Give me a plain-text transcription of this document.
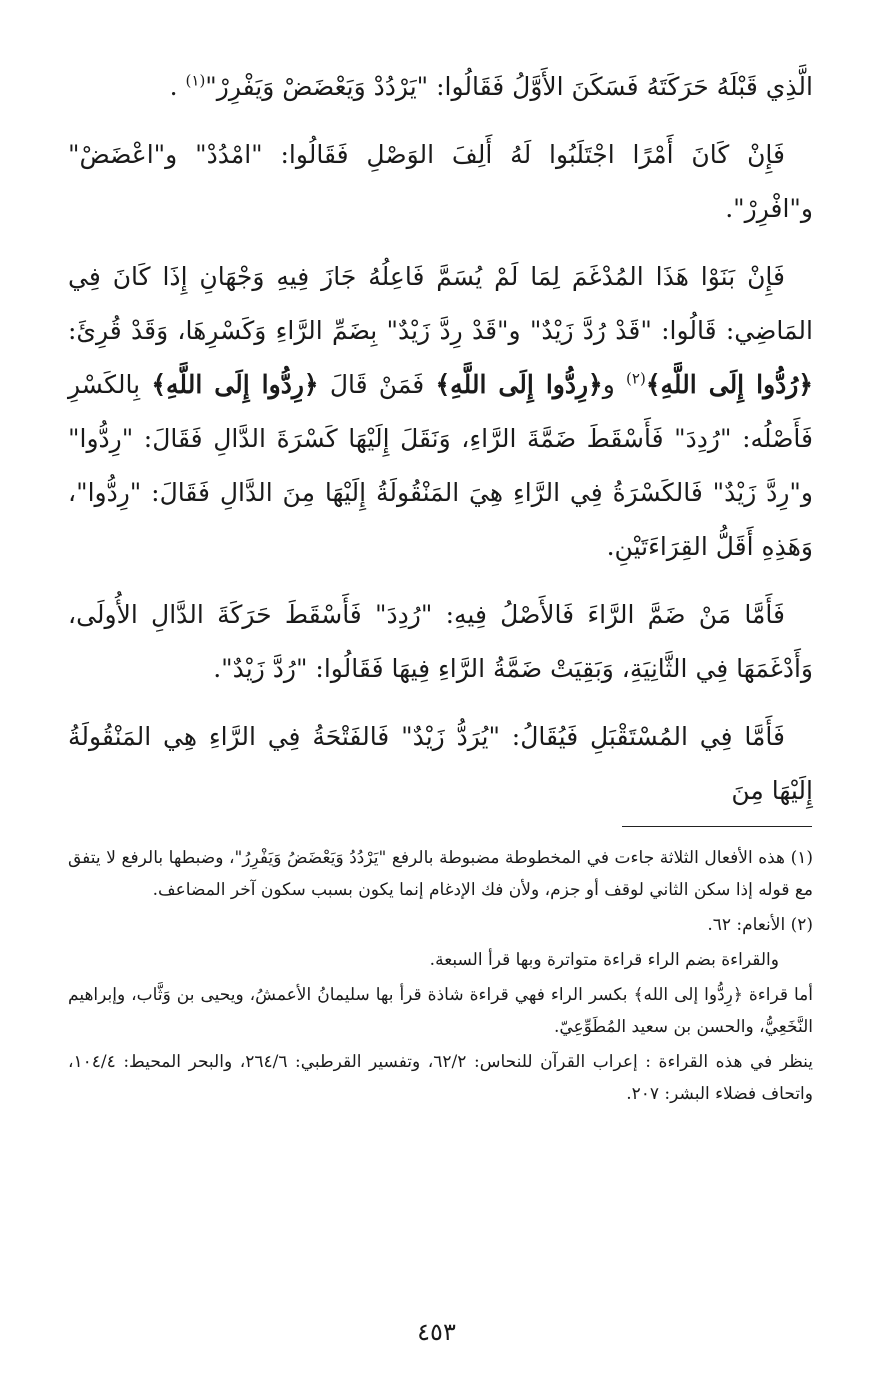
الَّذِي قَبْلَهُ حَرَكَتَهُ فَسَكَنَ الأَوَّلُ فَقَالُوا: "يَرْدُدْ وَيَعْضَضْ وَيَفْرِرْ"$^{(١)}$ .

فَإِنْ كَانَ أَمْرًا اجْتَلَبُوا لَهُ أَلِفَ الوَصْلِ فَقَالُوا: "امْدُدْ" و"اعْضَضْ" و"افْرِرْ".

فَإِنْ بَنَوْا هَذَا المُدْغَمَ لِمَا لَمْ يُسَمَّ فَاعِلُهُ جَازَ فِيهِ وَجْهَانِ إِذَا كَانَ فِي المَاضِي: قَالُوا: "قَدْ رُدَّ زَيْدٌ" و"قَدْ رِدَّ زَيْدٌ" بِضَمِّ الرَّاءِ وَكَسْرِهَا، وَقَدْ قُرِئَ: ﴿رُدُّوا إِلَى اللَّهِ﴾$^{(٢)}$ و﴿رِدُّوا إِلَى اللَّهِ﴾ فَمَنْ قَالَ ﴿رِدُّوا إِلَى اللَّهِ﴾ بِالكَسْرِ فَأَصْلُه: "رُدِدَ" فَأَسْقَطَ ضَمَّةَ الرَّاءِ، وَنَقَلَ إِلَيْهَا كَسْرَةَ الدَّالِ فَقَالَ: "رِدُّوا" و"رِدَّ زَيْدٌ" فَالكَسْرَةُ فِي الرَّاءِ هِيَ المَنْقُولَةُ إِلَيْهَا مِنَ الدَّالِ فَقَالَ: "رِدُّوا"، وَهَذِهِ أَقَلُّ القِرَاءَتَيْنِ.

فَأَمَّا مَنْ ضَمَّ الرَّاءَ فَالأَصْلُ فِيهِ: "رُدِدَ" فَأَسْقَطَ حَرَكَةَ الدَّالِ الأُولَى، وَأَدْغَمَهَا فِي الثَّانِيَةِ، وَبَقِيَتْ ضَمَّةُ الرَّاءِ فِيهَا فَقَالُوا: "رُدَّ زَيْدٌ".

فَأَمَّا فِي المُسْتَقْبَلِ فَيُقَالُ: "يُرَدُّ زَيْدٌ" فَالفَتْحَةُ فِي الرَّاءِ هِي المَنْقُولَةُ إِلَيْهَا مِنَ

(١) هذه الأفعال الثلاثة جاءت في المخطوطة مضبوطة بالرفع "يَرْدُدُ وَيَعْضَضُ وَيَفْرِرُ"، وضبطها بالرفع لا يتفق مع قوله إذا سكن الثاني لوقف أو جزم، ولأن فك الإدغام إنما يكون بسبب سكون آخر المضاعف.

(٢) الأنعام: ٦٢.

والقراءة بضم الراء قراءة متواترة وبها قرأ السبعة.

أما قراءة ﴿رِدُّوا إلى الله﴾ بكسر الراء فهي قراءة شاذة قرأ بها سليمانُ الأعمشُ، ويحيى بن وَثَّاب، وإبراهيم النَّخَعِيُّ، والحسن بن سعيد المُطَوِّعِيّ.

ينظر في هذه القراءة : إعراب القرآن للنحاس: ٦٢/٢، وتفسير القرطبي: ٢٦٤/٦، والبحر المحيط: ١٠٤/٤، واتحاف فضلاء البشر: ٢٠٧.

٤٥٣
